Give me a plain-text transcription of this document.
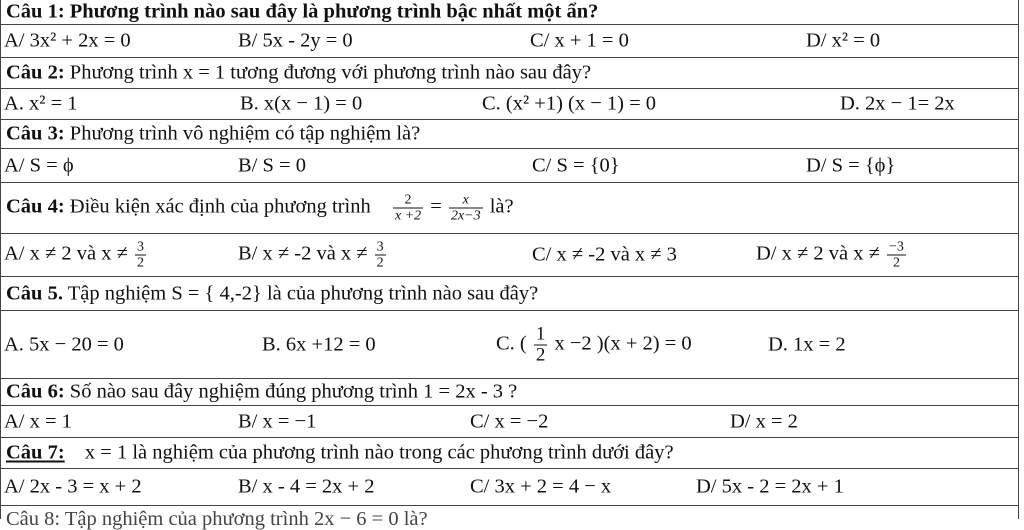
Câu 1: Phương trình nào sau đây là phương trình bậc nhất một ẩn?
A/ 3x² + 2x = 0	B/ 5x - 2y = 0	C/ x + 1 = 0	D/ x² = 0
Câu 2: Phương trình x = 1 tương đương với phương trình nào sau đây?
A. x² = 1	B. x(x − 1) = 0	C. (x² +1) (x − 1) = 0	D. 2x − 1= 2x
Câu 3: Phương trình vô nghiệm có tập nghiệm là?
A/ S = ϕ	B/ S = 0	C/ S = {0}	D/ S = {ϕ}
Câu 4: Điều kiện xác định của phương trình $\frac{2}{x +2} = \frac{x}{2x-3}$ là?
A/ x ≠ 2 và $x \ne \frac{3}{2}$	B/ x ≠ -2 và $x \ne \frac{3}{2}$	C/ x ≠ -2 và x ≠ 3	D/ x ≠ 2 và $x \ne \frac{-3}{2}$
Câu 5. Tập nghiệm S = { 4,-2} là của phương trình nào sau đây?
A. 5x − 20 = 0	B. 6x +12 = 0	C. ( $\frac{1}{2}$ x −2 )(x + 2) = 0	D. 1x = 2
Câu 6: Số nào sau đây nghiệm đúng phương trình 1 = 2x - 3 ?
A/ x = 1	B/ x = −1	C/ x = −2	D/ x = 2
Câu 7: x = 1 là nghiệm của phương trình nào trong các phương trình dưới đây?
A/ 2x - 3 = x + 2	B/ x - 4 = 2x + 2	C/ 3x + 2 = 4 − x	D/ 5x - 2 = 2x + 1
Câu 8: Tập nghiệm của phương trình 2x − 6 = 0 là?
